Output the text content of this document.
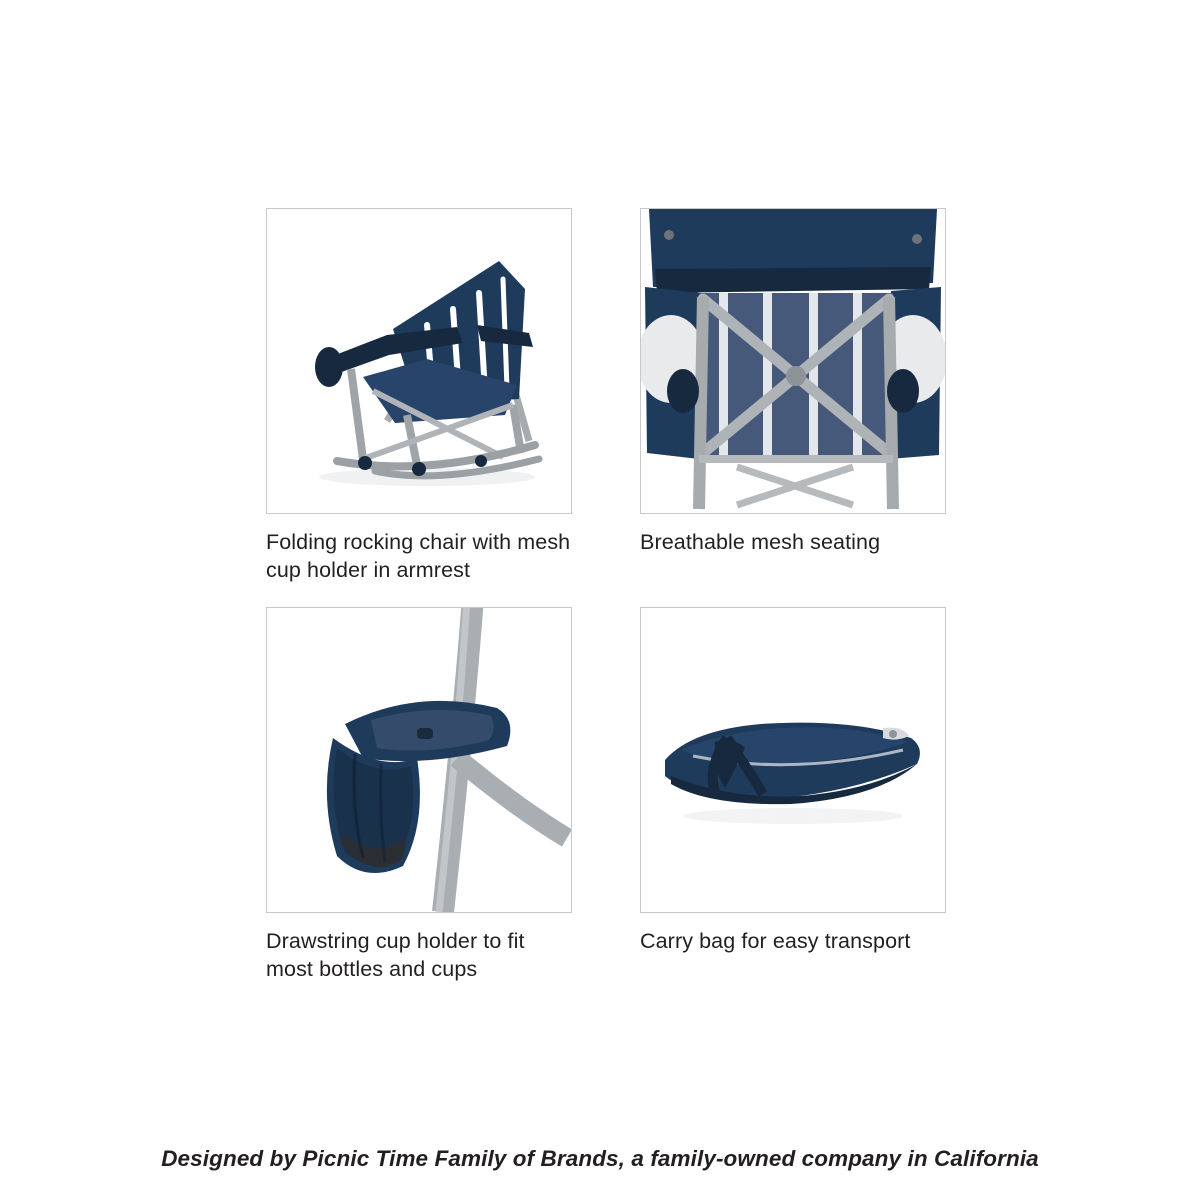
Folding rocking chair with mesh cup holder in armrest
Breathable mesh seating
Drawstring cup holder to fit most bottles and cups
Carry bag for easy transport
Designed by Picnic Time Family of Brands, a family-owned company in California
